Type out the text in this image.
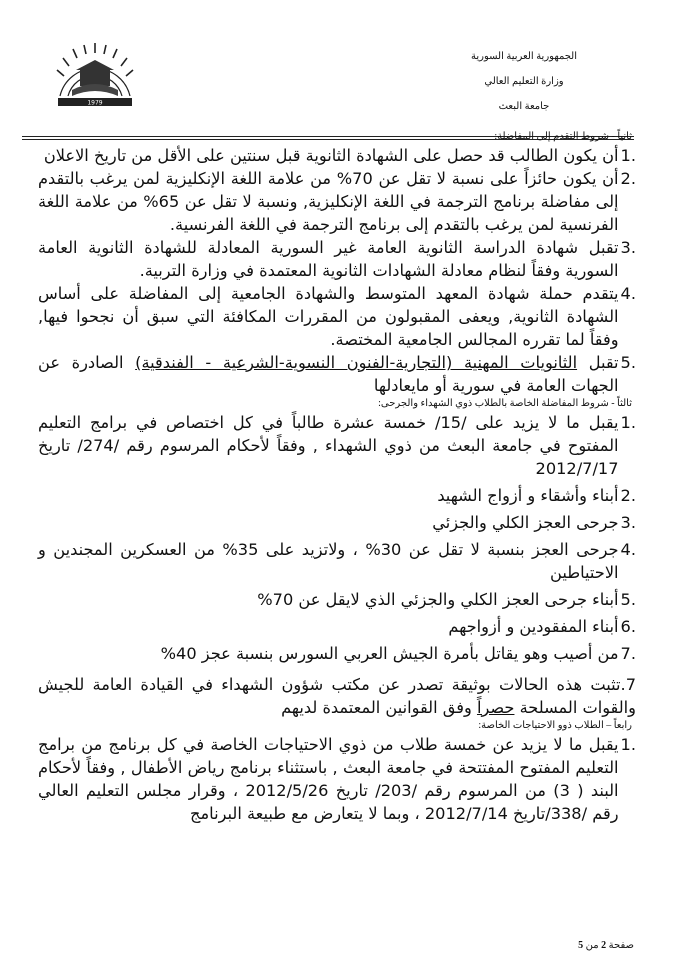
الجمهورية العربية السورية
وزارة التعليم العالي
جامعة البعث
1979
ثانياً - شروط التقدم إلى المفاضلة:
1.
أن يكون الطالب قد حصل على الشهادة الثانوية قبل سنتين على الأقل من تاريخ الاعلان
2.
أن يكون حائزاً على نسبة لا تقل عن 70% من علامة اللغة الإنكليزية لمن يرغب بالتقدم إلى مفاضلة برنامج الترجمة في اللغة الإنكليزية, ونسبة لا تقل عن 65% من علامة اللغة الفرنسية لمن يرغب بالتقدم إلى برنامج الترجمة في اللغة الفرنسية.
3.
تقبل شهادة الدراسة الثانوية العامة غير السورية المعادلة للشهادة الثانوية العامة السورية وفقاً لنظام معادلة الشهادات الثانوية المعتمدة في وزارة التربية.
4.
يتقدم حملة شهادة المعهد المتوسط والشهادة الجامعية إلى المفاضلة على أساس الشهادة الثانوية, ويعفى المقبولون من المقررات المكافئة التي سبق أن نجحوا فيها, وفقاً لما تقرره المجالس الجامعية المختصة.
5.
تقبل الثانويات المهنية (التجارية-الفنون النسوية-الشرعية - الفندقية) الصادرة عن الجهات العامة في سورية أو مايعادلها
ثالثاً - شروط المفاضلة الخاصة بالطلاب ذوي الشهداء والجرحى:
1.
يقبل ما لا يزيد على /15/ خمسة عشرة طالباً في كل اختصاص في برامج التعليم المفتوح في جامعة البعث من ذوي الشهداء , وفقاً لأحكام المرسوم رقم /274/ تاريخ 2012/7/17
2.
أبناء وأشقاء و أزواج الشهيد
3.
جرحى العجز الكلي والجزئي
4.
جرحى العجز بنسبة لا تقل عن 30% ، ولاتزيد على 35% من العسكرين المجندين و الاحتياطين
5.
أبناء جرحى العجز الكلي والجزئي الذي لايقل عن 70%
6.
أبناء المفقودين و أزواجهم
7.
من أصيب وهو يقاتل بأمرة الجيش العربي السورس بنسبة عجز 40%
7.تثبت هذه الحالات بوثيقة تصدر عن مكتب شؤون الشهداء في القيادة العامة للجيش والقوات المسلحة حصراً وفق القوانين المعتمدة لديهم
رابعاً – الطلاب ذوو الاحتياجات الخاصة:
1.
يقبل ما لا يزيد عن خمسة طلاب من ذوي الاحتياجات الخاصة في كل برنامج من برامج التعليم المفتوح المفتتحة في جامعة البعث , باستثناء برنامج رياض الأطفال , وفقاً لأحكام البند ( 3) من المرسوم رقم /203/ تاريخ 2012/5/26 ، وقرار مجلس التعليم العالي رقم /338/تاريخ 2012/7/14 ، وبما لا يتعارض مع طبيعة البرنامج
صفحة 2 من 5
